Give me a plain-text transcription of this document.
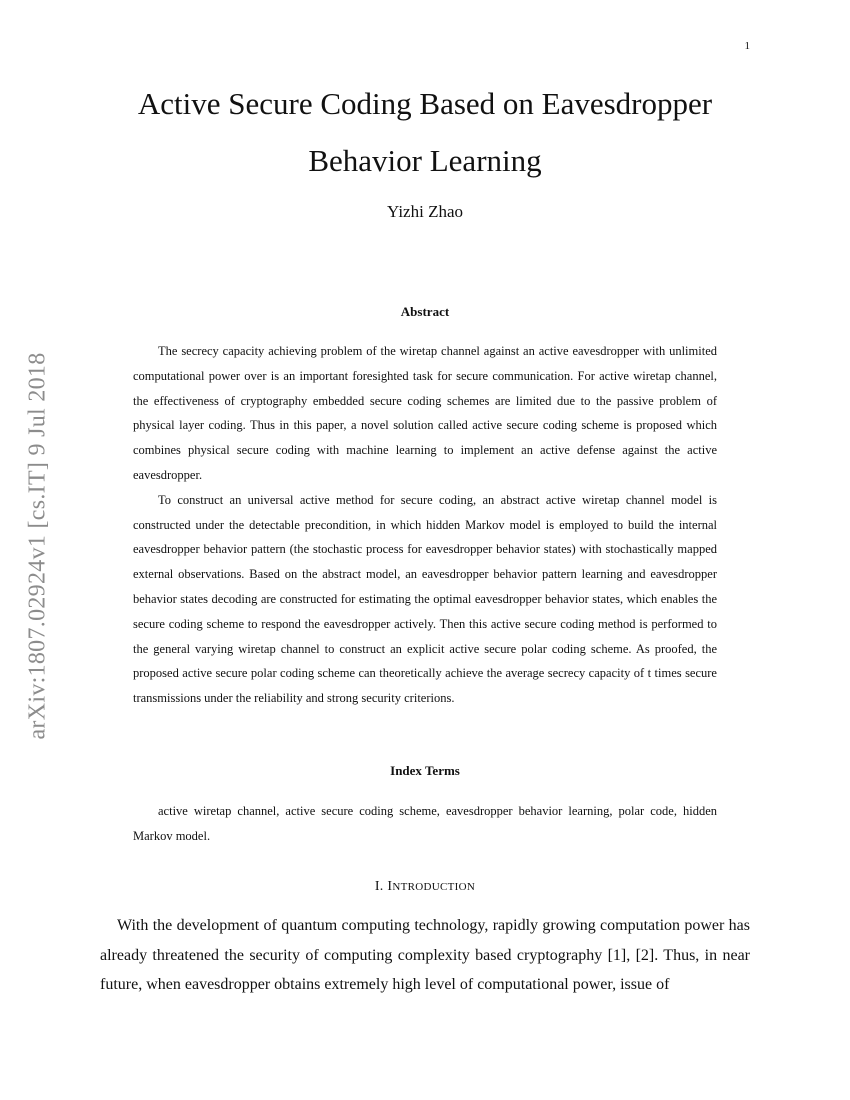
1
arXiv:1807.02924v1 [cs.IT] 9 Jul 2018
Active Secure Coding Based on Eavesdropper
Behavior Learning
Yizhi Zhao
Abstract

The secrecy capacity achieving problem of the wiretap channel against an active eavesdropper with unlimited computational power over is an important foresighted task for secure communication. For active wiretap channel, the effectiveness of cryptography embedded secure coding schemes are limited due to the passive problem of physical layer coding. Thus in this paper, a novel solution called active secure coding scheme is proposed which combines physical secure coding with machine learning to implement an active defense against the active eavesdropper.

To construct an universal active method for secure coding, an abstract active wiretap channel model is constructed under the detectable precondition, in which hidden Markov model is employed to build the internal eavesdropper behavior pattern (the stochastic process for eavesdropper behavior states) with stochastically mapped external observations. Based on the abstract model, an eavesdropper behavior pattern learning and eavesdropper behavior states decoding are constructed for estimating the optimal eavesdropper behavior states, which enables the secure coding scheme to respond the eavesdropper actively. Then this active secure coding method is performed to the general varying wiretap channel to construct an explicit active secure polar coding scheme. As proofed, the proposed active secure polar coding scheme can theoretically achieve the average secrecy capacity of t times secure transmissions under the reliability and strong security criterions.

Index Terms

active wiretap channel, active secure coding scheme, eavesdropper behavior learning, polar code, hidden Markov model.

I. INTRODUCTION

With the development of quantum computing technology, rapidly growing computation power has already threatened the security of computing complexity based cryptography [1], [2]. Thus, in near future, when eavesdropper obtains extremely high level of computational power, issue of
